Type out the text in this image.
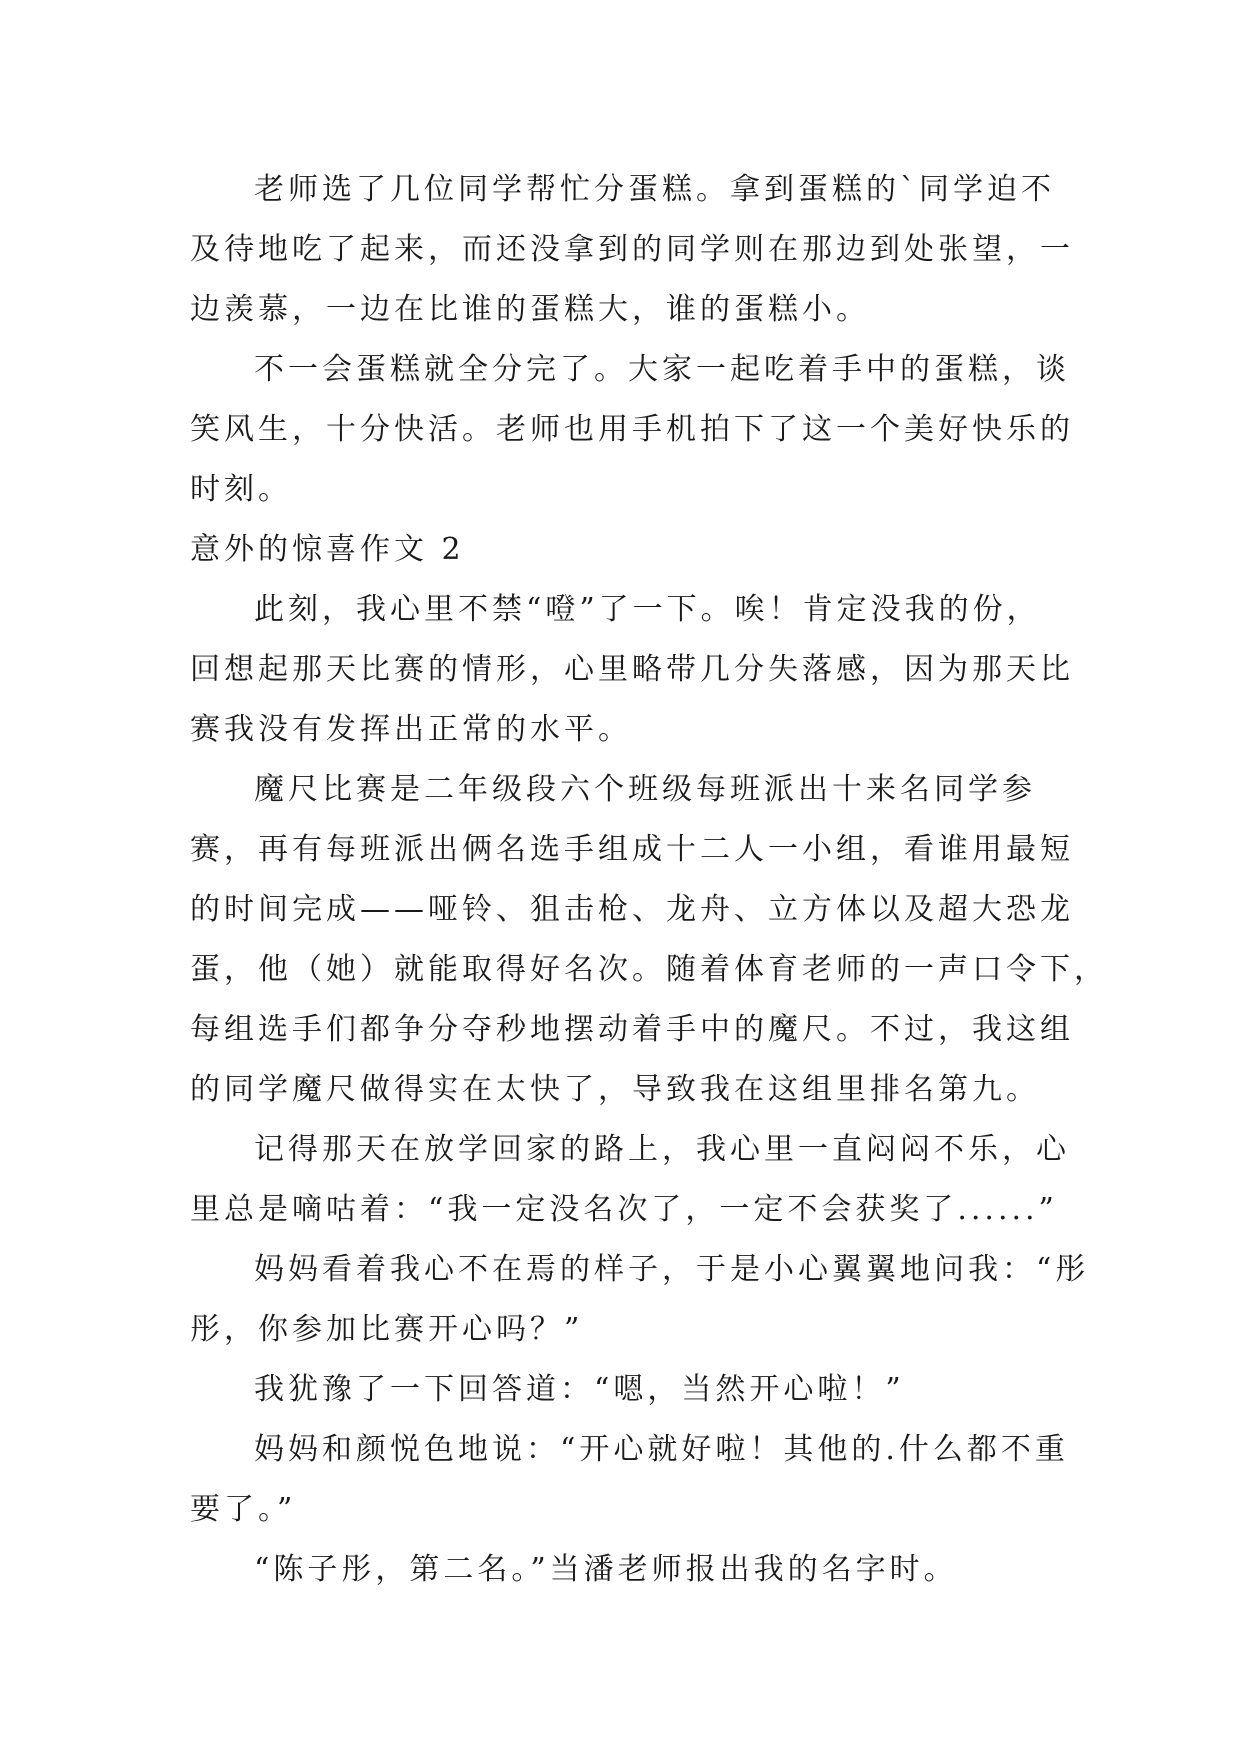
老师选了几位同学帮忙分蛋糕。拿到蛋糕的`同学迫不
及待地吃了起来，而还没拿到的同学则在那边到处张望，一
边羡慕，一边在比谁的蛋糕大，谁的蛋糕小。
不一会蛋糕就全分完了。大家一起吃着手中的蛋糕，谈
笑风生，十分快活。老师也用手机拍下了这一个美好快乐的
时刻。
意外的惊喜作文 2
此刻，我心里不禁“噔”了一下。唉！肯定没我的份，
回想起那天比赛的情形，心里略带几分失落感，因为那天比
赛我没有发挥出正常的水平。
魔尺比赛是二年级段六个班级每班派出十来名同学参
赛，再有每班派出俩名选手组成十二人一小组，看谁用最短
的时间完成——哑铃、狙击枪、龙舟、立方体以及超大恐龙
蛋，他（她）就能取得好名次。随着体育老师的一声口令下，
每组选手们都争分夺秒地摆动着手中的魔尺。不过，我这组
的同学魔尺做得实在太快了，导致我在这组里排名第九。
记得那天在放学回家的路上，我心里一直闷闷不乐，心
里总是嘀咕着：“我一定没名次了，一定不会获奖了......”
妈妈看着我心不在焉的样子，于是小心翼翼地问我：“彤
彤，你参加比赛开心吗？”
我犹豫了一下回答道：“嗯，当然开心啦！”
妈妈和颜悦色地说：“开心就好啦！其他的.什么都不重
要了。”
“陈子彤，第二名。”当潘老师报出我的名字时。
